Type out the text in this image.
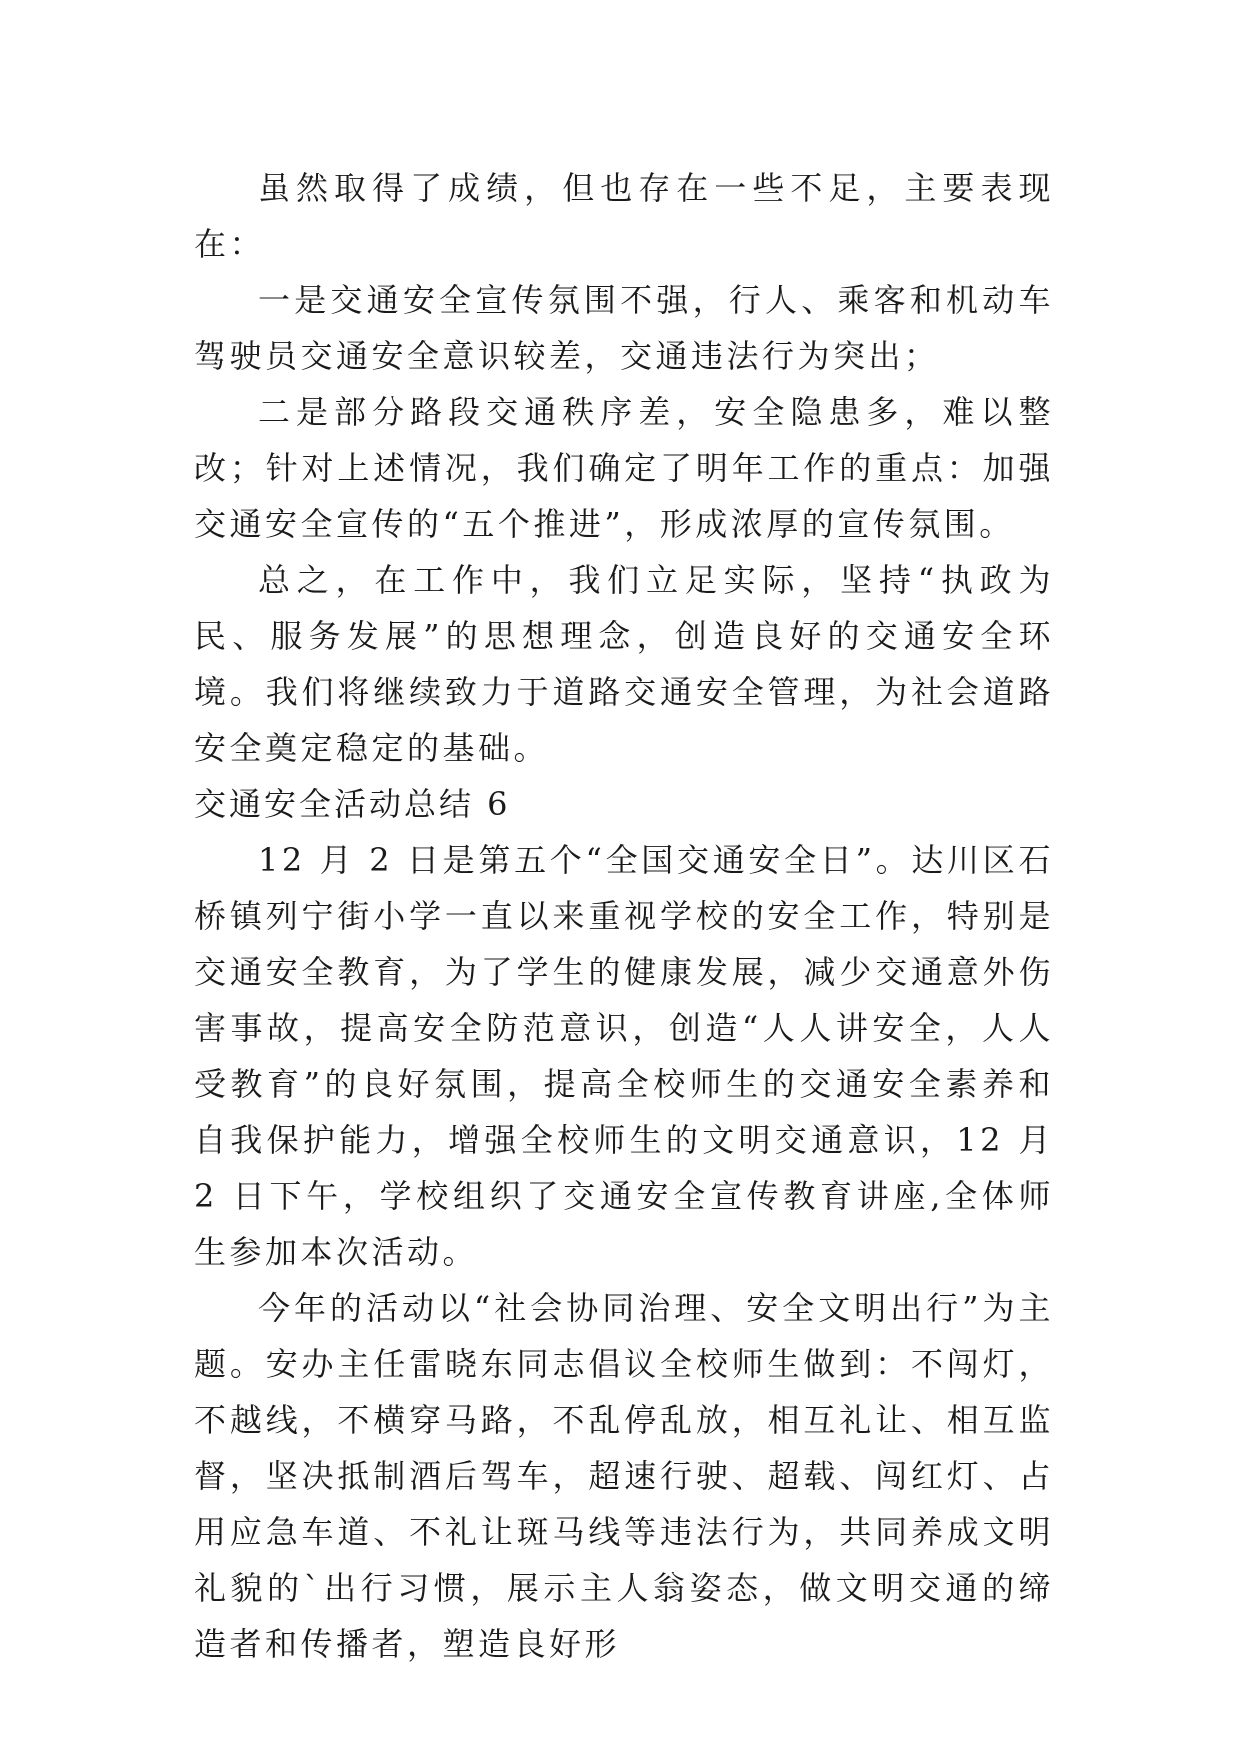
虽然取得了成绩，但也存在一些不足，主要表现在：

一是交通安全宣传氛围不强，行人、乘客和机动车驾驶员交通安全意识较差，交通违法行为突出；

二是部分路段交通秩序差，安全隐患多，难以整改；针对上述情况，我们确定了明年工作的重点：加强交通安全宣传的“五个推进”，形成浓厚的宣传氛围。

总之，在工作中，我们立足实际，坚持“执政为民、服务发展”的思想理念，创造良好的交通安全环境。我们将继续致力于道路交通安全管理，为社会道路安全奠定稳定的基础。

交通安全活动总结 6

12 月 2 日是第五个“全国交通安全日”。达川区石桥镇列宁街小学一直以来重视学校的安全工作，特别是交通安全教育，为了学生的健康发展，减少交通意外伤害事故，提高安全防范意识，创造“人人讲安全，人人受教育”的良好氛围，提高全校师生的交通安全素养和自我保护能力，增强全校师生的文明交通意识，12 月 2 日下午，学校组织了交通安全宣传教育讲座,全体师生参加本次活动。

今年的活动以“社会协同治理、安全文明出行”为主题。安办主任雷晓东同志倡议全校师生做到：不闯灯，不越线，不横穿马路，不乱停乱放，相互礼让、相互监督，坚决抵制酒后驾车，超速行驶、超载、闯红灯、占用应急车道、不礼让斑马线等违法行为，共同养成文明礼貌的`出行习惯，展示主人翁姿态，做文明交通的缔造者和传播者，塑造良好形
